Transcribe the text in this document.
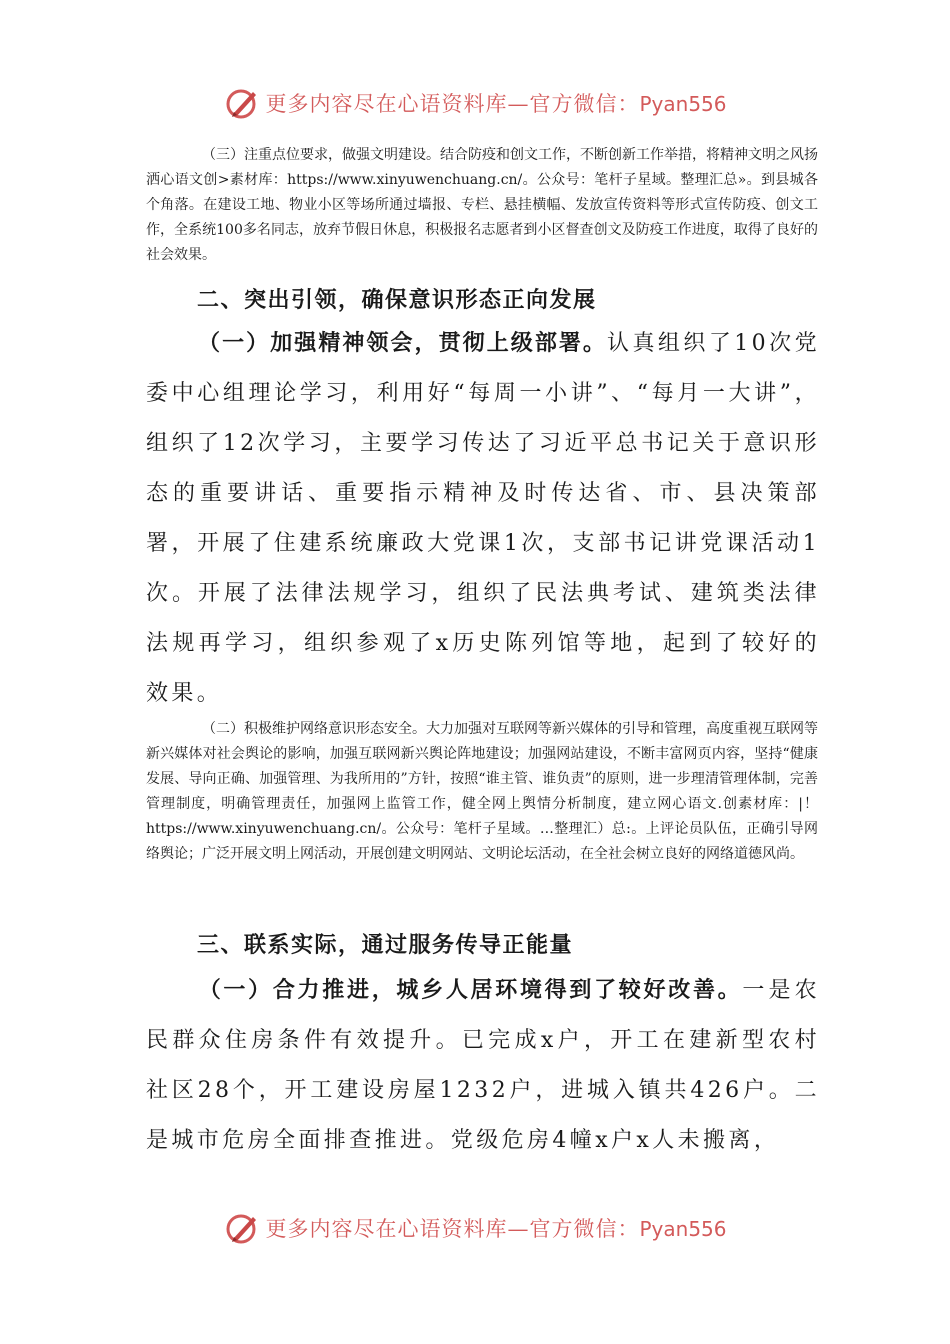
更多内容尽在心语资料库—官方微信：Pyan556

（三）注重点位要求，做强文明建设。结合防疫和创文工作，不断创新工作举措，将精神文明之风扬洒心语文创>素材库：https://www.xinyuwenchuang.cn/。公众号：笔杆子星域。整理汇总»。到县城各个角落。在建设工地、物业小区等场所通过墙报、专栏、悬挂横幅、发放宣传资料等形式宣传防疫、创文工作，全系统100多名同志，放弃节假日休息，积极报名志愿者到小区督查创文及防疫工作进度，取得了良好的社会效果。

二、突出引领，确保意识形态正向发展

（一）加强精神领会，贯彻上级部署。认真组织了10次党委中心组理论学习，利用好“每周一小讲”、“每月一大讲”，组织了12次学习，主要学习传达了习近平总书记关于意识形态的重要讲话、重要指示精神及时传达省、市、县决策部署，开展了住建系统廉政大党课1次，支部书记讲党课活动1次。开展了法律法规学习，组织了民法典考试、建筑类法律法规再学习，组织参观了x历史陈列馆等地，起到了较好的效果。

（二）积极维护网络意识形态安全。大力加强对互联网等新兴媒体的引导和管理，高度重视互联网等新兴媒体对社会舆论的影响，加强互联网新兴舆论阵地建设；加强网站建设，不断丰富网页内容，坚持“健康发展、导向正确、加强管理、为我所用的”方针，按照“谁主管、谁负责”的原则，进一步理清管理体制，完善管理制度，明确管理责任，加强网上监管工作，健全网上舆情分析制度，建立网心语文.创素材库：|！https://www.xinyuwenchuang.cn/。公众号：笔杆子星域。…整理汇）总:。上评论员队伍，正确引导网络舆论；广泛开展文明上网活动，开展创建文明网站、文明论坛活动，在全社会树立良好的网络道德风尚。

三、联系实际，通过服务传导正能量

（一）合力推进，城乡人居环境得到了较好改善。一是农民群众住房条件有效提升。已完成x户，开工在建新型农村社区28个，开工建设房屋1232户，进城入镇共426户。二是城市危房全面排查推进。党级危房4幢x户x人未搬离，

更多内容尽在心语资料库—官方微信：Pyan556
